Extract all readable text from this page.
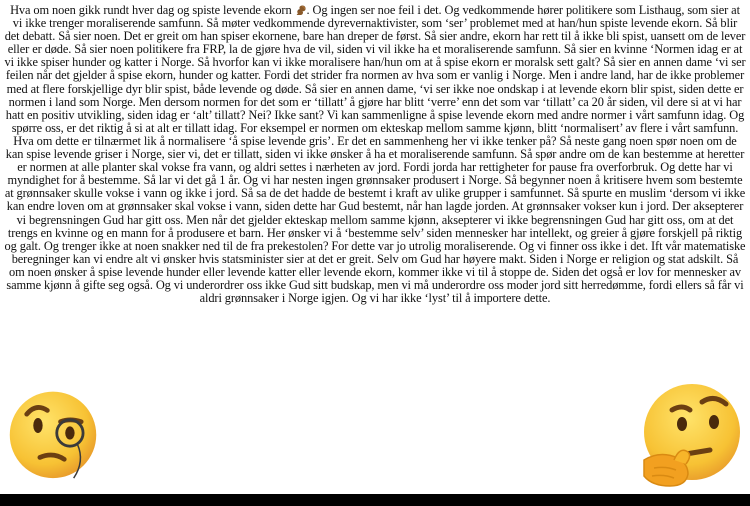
Hva om noen gikk rundt hver dag og spiste levende ekorn . Og ingen ser noe feil i det. Og vedkommende hører politikere som Listhaug, som sier at vi ikke trenger moraliserende samfunn. Så møter vedkommende dyrevernaktivister, som ‘ser’ problemet med at han/hun spiste levende ekorn. Så blir det debatt. Så sier noen. Det er greit om han spiser ekornene, bare han dreper de først. Så sier andre, ekorn har rett til å ikke bli spist, uansett om de lever eller er døde. Så sier noen politikere fra FRP, la de gjøre hva de vil, siden vi vil ikke ha et moraliserende samfunn. Så sier en kvinne ‘Normen idag er at vi ikke spiser hunder og katter i Norge. Så hvorfor kan vi ikke moralisere han/hun om at å spise ekorn er moralsk sett galt? Så sier en annen dame ‘vi ser feilen når det gjelder å spise ekorn, hunder og katter. Fordi det strider fra normen av hva som er vanlig i Norge. Men i andre land, har de ikke problemer med at flere forskjellige dyr blir spist, både levende og døde. Så sier en annen dame, ‘vi ser ikke noe ondskap i at levende ekorn blir spist, siden dette er normen i land som Norge. Men dersom normen for det som er ‘tillatt’ å gjøre har blitt ‘verre’ enn det som var ‘tillatt’ ca 20 år siden, vil dere si at vi har hatt en positiv utvikling, siden idag er ‘alt’ tillatt? Nei? Ikke sant? Vi kan sammenligne å spise levende ekorn med andre normer i vårt samfunn idag. Og spørre oss, er det riktig å si at alt er tillatt idag. For eksempel er normen om ekteskap mellom samme kjønn, blitt ‘normalisert’ av flere i vårt samfunn. Hva om dette er tilnærmet lik å normalisere ‘å spise levende gris’. Er det en sammenheng her vi ikke tenker på? Så neste gang noen spør noen om de kan spise levende griser i Norge, sier vi, det er tillatt, siden vi ikke ønsker å ha et moraliserende samfunn. Så spør andre om de kan bestemme at heretter er normen at alle planter skal vokse fra vann, og aldri settes i nærheten av jord. Fordi jorda har rettigheter for pause fra overforbruk. Og dette har vi myndighet for å bestemme. Så lar vi det gå 1 år. Og vi har nesten ingen grønnsaker produsert i Norge. Så begynner noen å kritisere hvem som bestemte at grønnsaker skulle vokse i vann og ikke i jord. Så sa de det hadde de bestemt i kraft av ulike grupper i samfunnet. Så spurte en muslim ‘dersom vi ikke kan endre loven om at grønnsaker skal vokse i vann, siden dette har Gud bestemt, når han lagde jorden. At grønnsaker vokser kun i jord. Der aksepterer vi begrensningen Gud har gitt oss. Men når det gjelder ekteskap mellom samme kjønn, aksepterer vi ikke begrensningen Gud har gitt oss, om at det trengs en kvinne og en mann for å produsere et barn. Her ønsker vi å ‘bestemme selv’ siden mennesker har intellekt, og greier å gjøre forskjell på riktig og galt. Og trenger ikke at noen snakker ned til de fra prekestolen? For dette var jo utrolig moraliserende. Og vi finner oss ikke i det. Ift vår matematiske beregninger kan vi endre alt vi ønsker hvis statsminister sier at det er greit. Selv om Gud har høyere makt. Siden i Norge er religion og stat adskilt. Så om noen ønsker å spise levende hunder eller levende katter eller levende ekorn, kommer ikke vi til å stoppe de. Siden det også er lov for mennesker av samme kjønn å gifte seg også. Og vi underordrer oss ikke Gud sitt budskap, men vi må underordre oss moder jord sitt herredømme, fordi ellers så får vi aldri grønnsaker i Norge igjen. Og vi har ikke ‘lyst’ til å importere dette.
